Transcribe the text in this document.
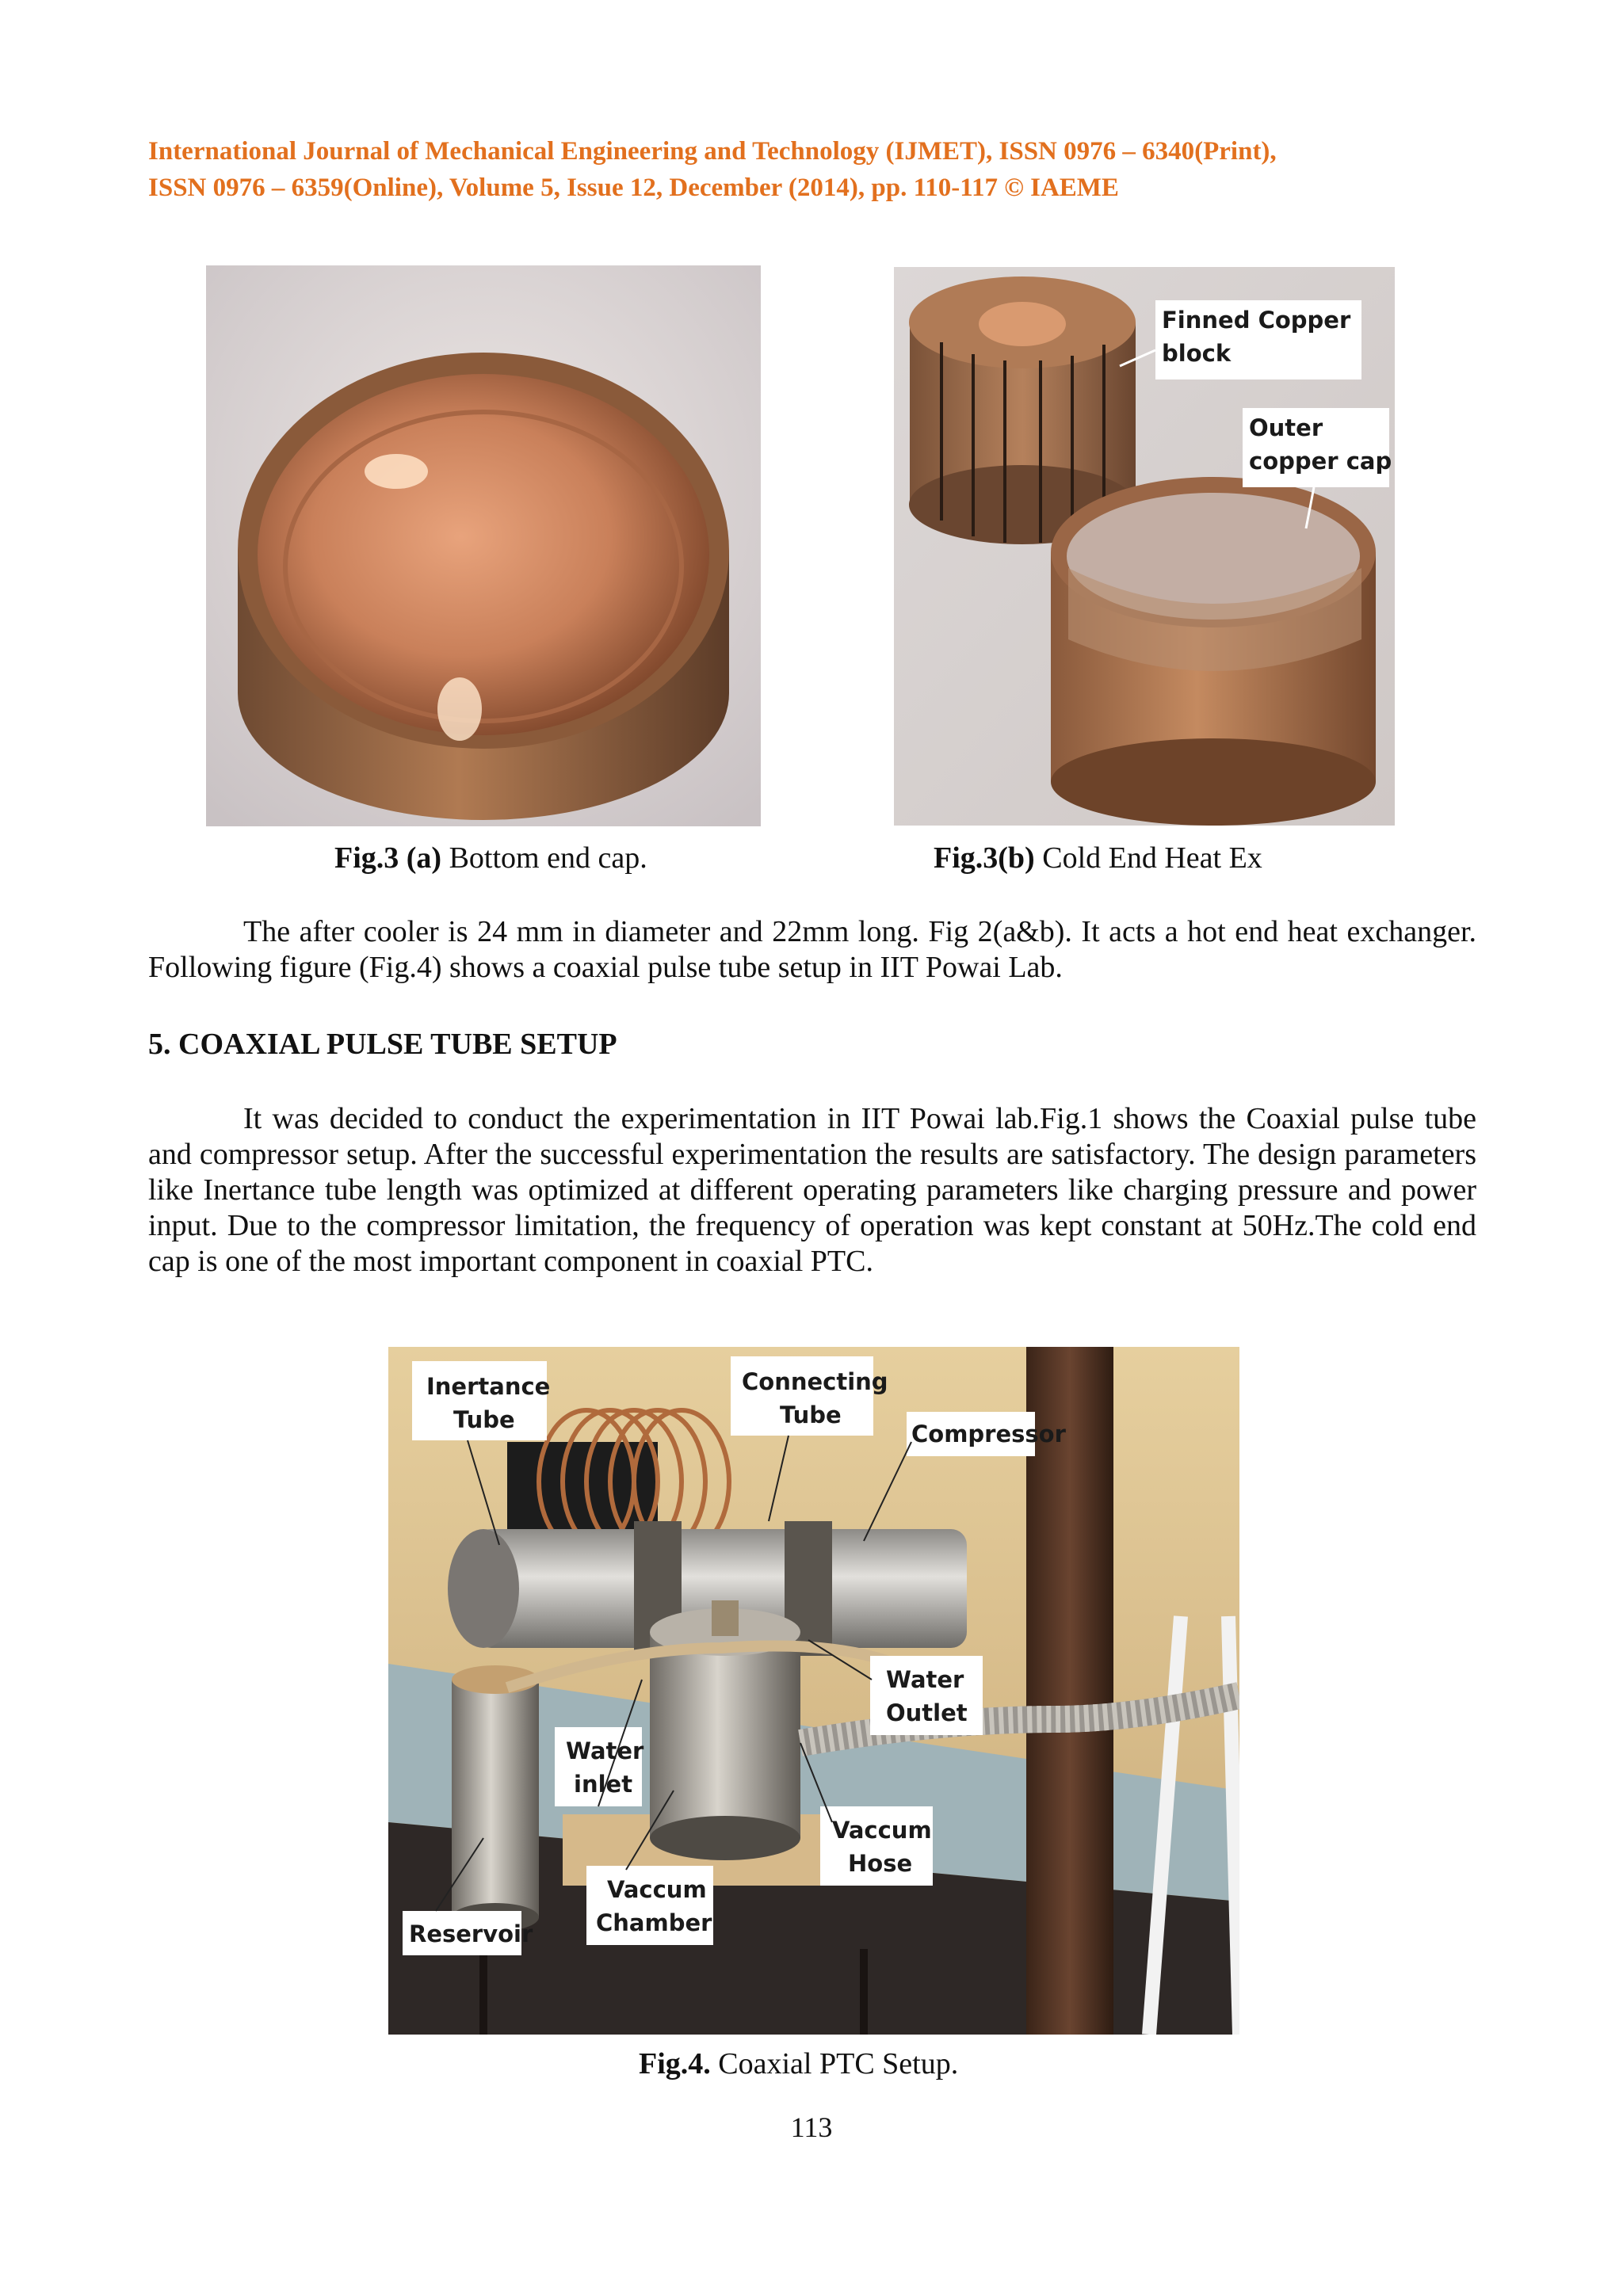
International Journal of Mechanical Engineering and Technology (IJMET), ISSN 0976 – 6340(Print),
ISSN 0976 – 6359(Online), Volume 5, Issue 12, December (2014), pp. 110-117 © IAEME
Finned Copper
block
Outer
copper cap
Fig.3 (a) Bottom end cap.	Fig.3(b) Cold End Heat Ex

The after cooler is 24 mm in diameter and 22mm long. Fig 2(a&b). It acts a hot end heat exchanger. Following figure (Fig.4) shows a coaxial pulse tube setup in IIT Powai Lab.

5. COAXIAL PULSE TUBE SETUP

It was decided to conduct the experimentation in IIT Powai lab.Fig.1 shows the Coaxial pulse tube and compressor setup. After the successful experimentation the results are satisfactory. The design parameters like Inertance tube length was optimized at different operating parameters like charging pressure and power input. Due to the compressor limitation, the frequency of operation was kept constant at 50Hz.The cold end cap is one of the most important component in coaxial PTC.

Inertance
Tube
Connecting
Tube
Compressor
Water
Outlet
Water
inlet
Vaccum
Hose
Vaccum
Chamber
Reservoir
Fig.4. Coaxial PTC Setup.
113
